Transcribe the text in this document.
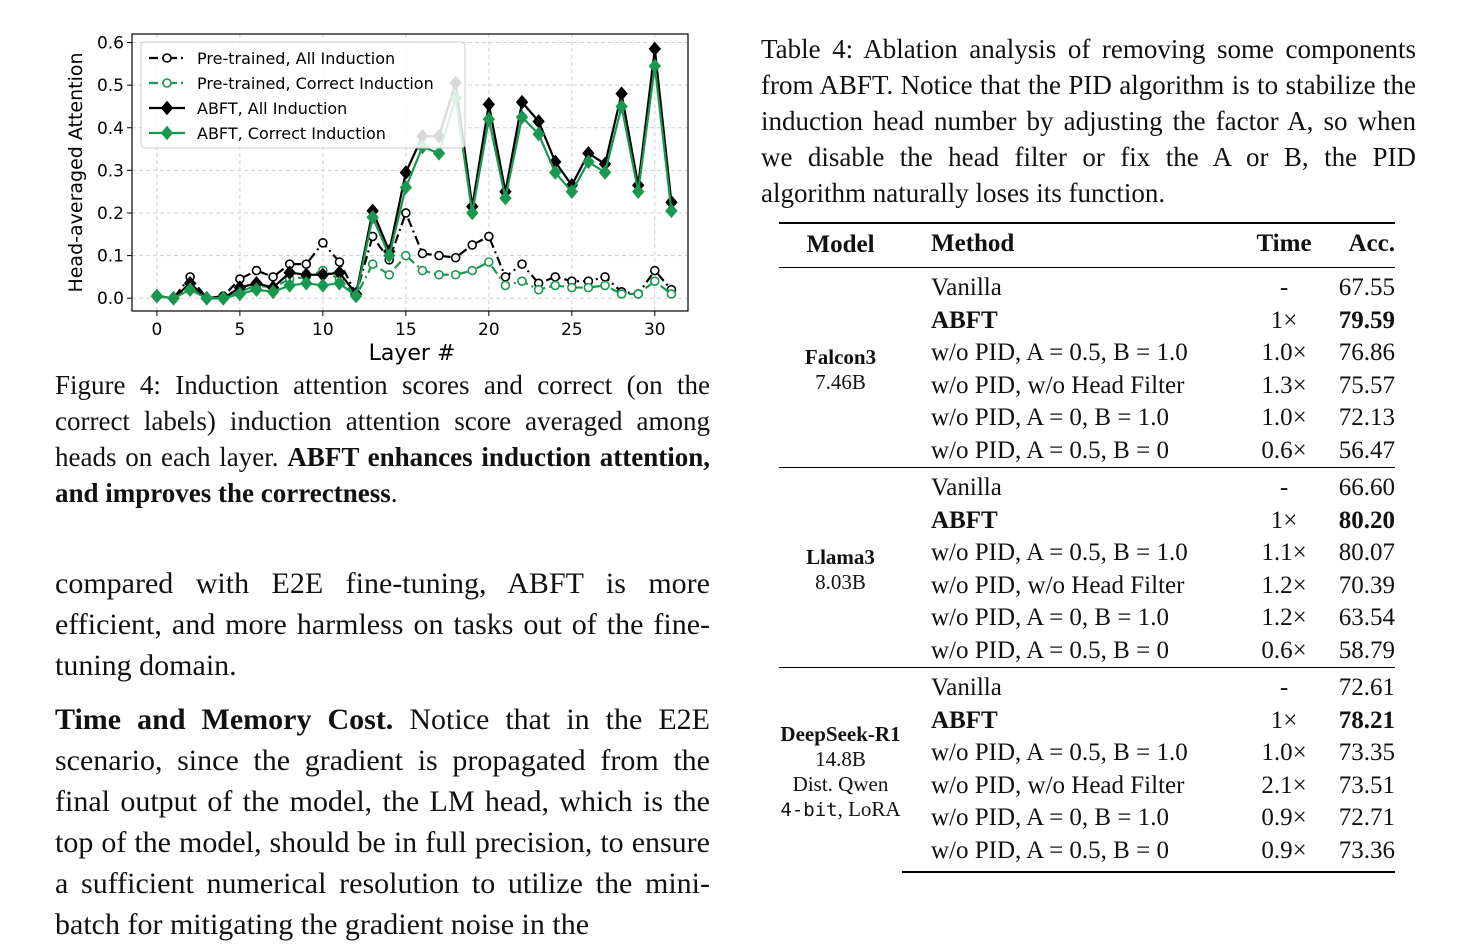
0.0
0.1
0.2
0.3
0.4
0.5
0.6
0	5	10	15	20	25	30
Layer #
Head-averaged Attention	Pre-trained, All Induction
Pre-trained, Correct Induction
ABFT, All Induction
ABFT, Correct Induction
Figure 4: Induction attention scores and correct (on the correct labels) induction attention score averaged among heads on each layer. ABFT enhances induction attention, and improves the correctness.

compared with E2E fine-tuning, ABFT is more efficient, and more harmless on tasks out of the fine-tuning domain.

Time and Memory Cost. Notice that in the E2E scenario, since the gradient is propagated from the final output of the model, the LM head, which is the top of the model, should be in full precision, to ensure a sufficient numerical resolution to utilize the mini-batch for mitigating the gradient noise in the

Table 4: Ablation analysis of removing some components from ABFT. Notice that the PID algorithm is to stabilize the induction head number by adjusting the factor A, so when we disable the head filter or fix the A or B, the PID algorithm naturally loses its function.
Model	Method	Time	Acc.

Falcon3
7.46B	Vanilla	-	67.55
	ABFT	1×	79.59
	w/o PID, A = 0.5, B = 1.0	1.0×	76.86
	w/o PID, w/o Head Filter	1.3×	75.57
	w/o PID, A = 0, B = 1.0	1.0×	72.13
	w/o PID, A = 0.5, B = 0	0.6×	56.47

Llama3
8.03B	Vanilla	-	66.60
	ABFT	1×	80.20
	w/o PID, A = 0.5, B = 1.0	1.1×	80.07
	w/o PID, w/o Head Filter	1.2×	70.39
	w/o PID, A = 0, B = 1.0	1.2×	63.54
	w/o PID, A = 0.5, B = 0	0.6×	58.79

DeepSeek-R1
14.8B
Dist. Qwen
4-bit, LoRA	Vanilla	-	72.61
	ABFT	1×	78.21
	w/o PID, A = 0.5, B = 1.0	1.0×	73.35
	w/o PID, w/o Head Filter	2.1×	73.51
	w/o PID, A = 0, B = 1.0	0.9×	72.71
	w/o PID, A = 0.5, B = 0	0.9×	73.36
